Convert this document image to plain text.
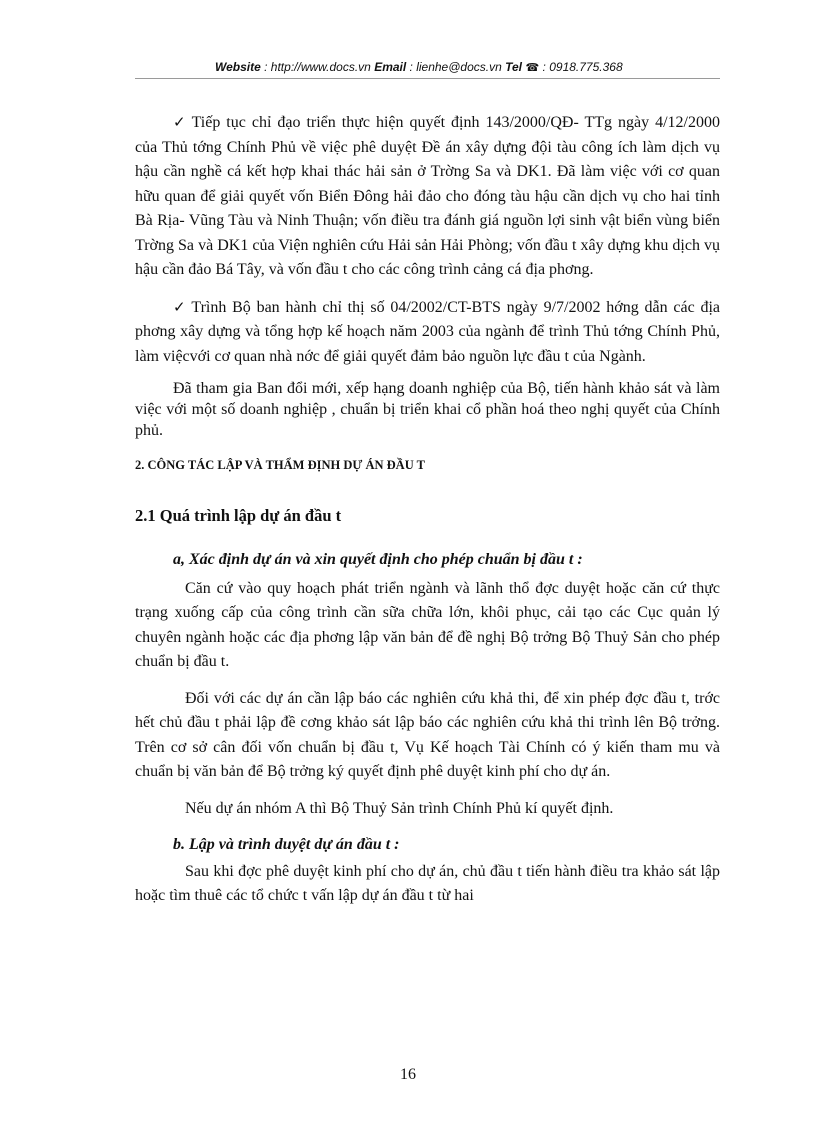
Website : http://www.docs.vn Email : lienhe@docs.vn Tel ☎ : 0918.775.368

✓ Tiếp tục chỉ đạo triển thực hiện quyết định 143/2000/QĐ- TTg ngày 4/12/2000 của Thủ tớng Chính Phủ về việc phê duyệt Đề án xây dựng đội tàu công ích làm dịch vụ hậu cần nghề cá kết hợp khai thác hải sản ở Trờng Sa và DK1. Đã làm việc với cơ quan hữu quan để giải quyết vốn Biển Đông hải đảo cho đóng tàu hậu cần dịch vụ cho hai tỉnh Bà Rịa- Vũng Tàu và Ninh Thuận; vốn điều tra đánh giá nguồn lợi sinh vật biển vùng biển Trờng Sa và DK1 của Viện nghiên cứu Hải sản Hải Phòng; vốn đầu t xây dựng khu dịch vụ hậu cần đảo Bá Tây, và vốn đầu t cho các công trình cảng cá địa phơng.

✓ Trình Bộ ban hành chỉ thị số 04/2002/CT-BTS ngày 9/7/2002 hớng dẫn các địa phơng xây dựng và tổng hợp kế hoạch năm 2003 của ngành để trình Thủ tớng Chính Phủ, làm việcvới cơ quan nhà nớc để giải quyết đảm bảo nguồn lực đầu t của Ngành.

Đã tham gia Ban đổi mới, xếp hạng doanh nghiệp của Bộ, tiến hành khảo sát và làm việc với một số doanh nghiệp , chuẩn bị triển khai cổ phần hoá theo nghị quyết của Chính phủ.

2. CÔNG TÁC LẬP VÀ THẨM ĐỊNH DỰ ÁN ĐẦU T

2.1 Quá trình lập dự án đầu t

a, Xác định dự án và xin quyết định cho phép chuẩn bị đầu t :

Căn cứ vào quy hoạch phát triển ngành và lãnh thổ đợc duyệt hoặc căn cứ thực trạng xuống cấp của công trình cần sữa chữa lớn, khôi phục, cải tạo các Cục quản lý chuyên ngành hoặc các địa phơng lập văn bản để đề nghị Bộ trởng Bộ Thuỷ Sản cho phép chuẩn bị đầu t.

Đối với các dự án cần lập báo các nghiên cứu khả thi, để xin phép đợc đầu t, trớc hết chủ đầu t phải lập đề cơng khảo sát lập báo các nghiên cứu khả thi trình lên Bộ trởng. Trên cơ sở cân đối vốn chuẩn bị đầu t, Vụ Kế hoạch Tài Chính có ý kiến tham mu và chuẩn bị văn bản để Bộ trởng ký quyết định phê duyệt kinh phí cho dự án.

Nếu dự án nhóm A thì Bộ Thuỷ Sản trình Chính Phủ kí quyết định.

b. Lập và trình duyệt dự án đầu t :

Sau khi đợc phê duyệt kinh phí cho dự án, chủ đầu t tiến hành điều tra khảo sát lập hoặc tìm thuê các tổ chức t vấn lập dự án đầu t từ hai

16
